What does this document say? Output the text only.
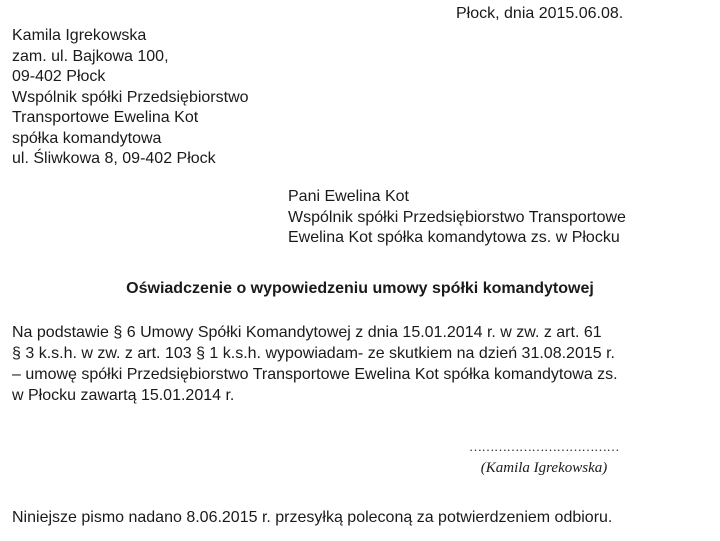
Płock, dnia 2015.06.08.
Kamila Igrekowska
zam. ul. Bajkowa 100,
09-402 Płock
Wspólnik spółki Przedsiębiorstwo
Transportowe Ewelina Kot
spółka komandytowa
ul. Śliwkowa 8, 09-402 Płock
Pani Ewelina Kot
Wspólnik spółki Przedsiębiorstwo Transportowe
Ewelina Kot spółka komandytowa zs. w Płocku
Oświadczenie o wypowiedzeniu umowy spółki komandytowej
Na podstawie § 6 Umowy Spółki Komandytowej z dnia 15.01.2014 r. w zw. z art. 61
§ 3 k.s.h. w zw. z art. 103 § 1 k.s.h. wypowiadam- ze skutkiem na dzień 31.08.2015 r.
– umowę spółki Przedsiębiorstwo Transportowe Ewelina Kot spółka komandytowa zs.
w Płocku zawartą 15.01.2014 r.
………………………………
(Kamila Igrekowska)
Niniejsze pismo nadano 8.06.2015 r. przesyłką poleconą za potwierdzeniem odbioru.
